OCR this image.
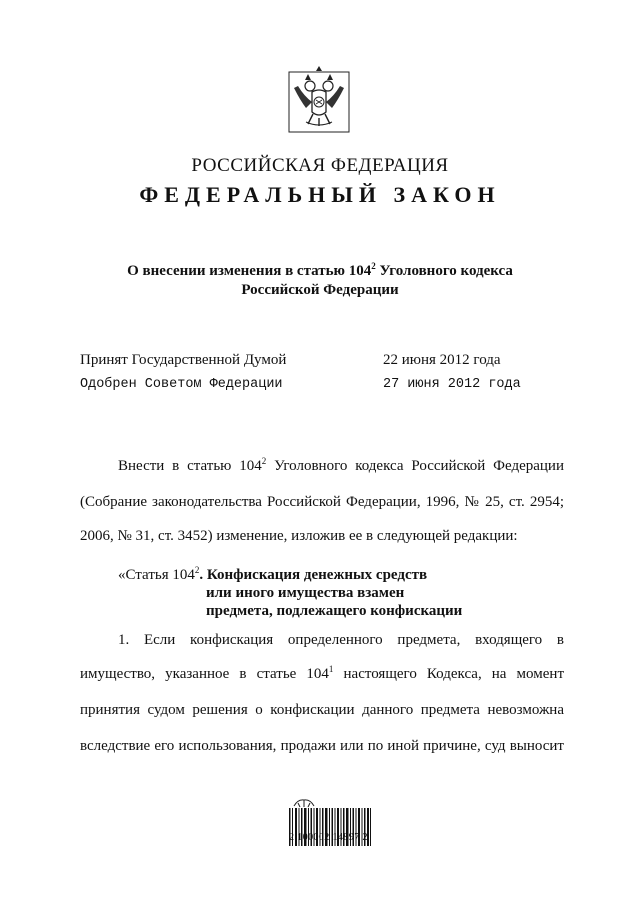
РОССИЙСКАЯ ФЕДЕРАЦИЯ
ФЕДЕРАЛЬНЫЙ ЗАКОН
О внесении изменения в статью $104^2$ Уголовного кодекса
Российской Федерации
Принят Государственной Думой	22 июня 2012 года
Одобрен Советом Федерации	27 июня 2012 года
Внести в статью $104^2$ Уголовного кодекса Российской Федерации
(Собрание законодательства Российской Федерации, 1996, № 25, ст. 2954;
2006, № 31, ст. 3452) изменение, изложив ее в следующей редакции:
«Статья $104^2$. Конфискация денежных средств
или иного имущества взамен
предмета, подлежащего конфискации
1. Если конфискация определенного предмета, входящего в
имущество, указанное в статье $104^1$ настоящего Кодекса, на момент
принятия судом решения о конфискации данного предмета невозможна
вследствие его использования, продажи или по иной причине, суд выносит
2 100002 14897 2
